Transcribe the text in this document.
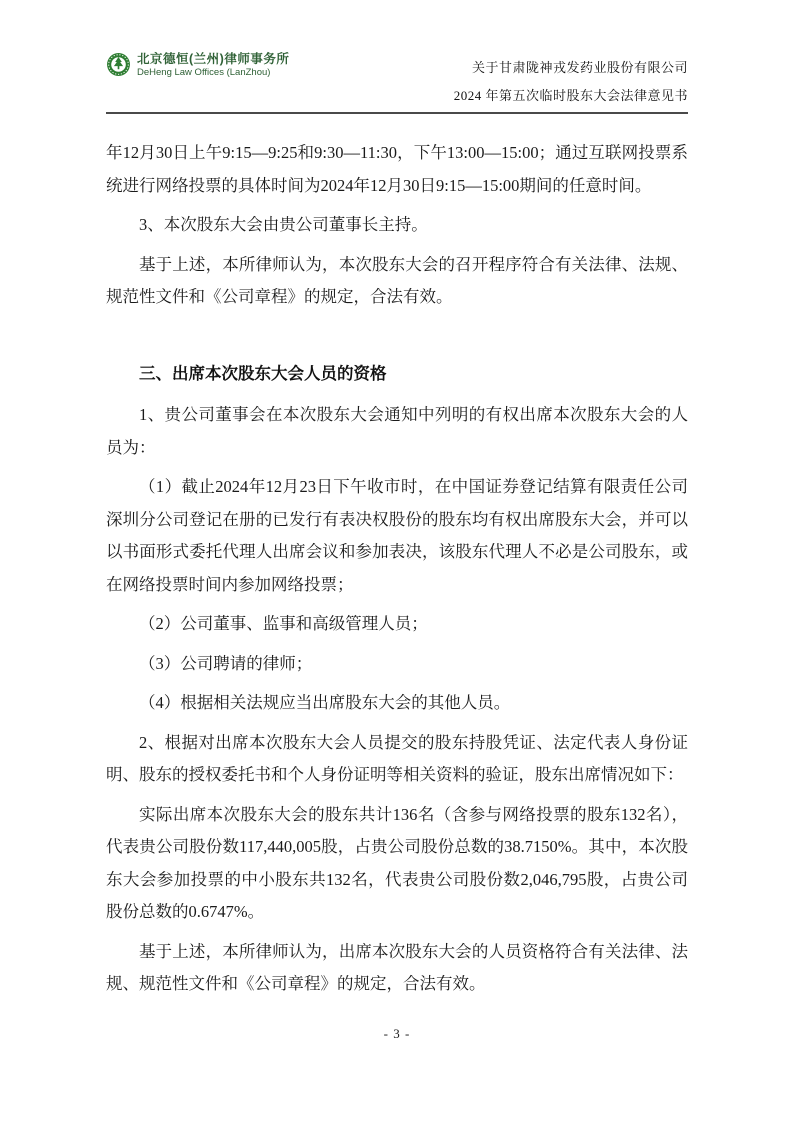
北京德恒(兰州)律师事务所
DeHeng Law Offices (LanZhou)	关于甘肃陇神戎发药业股份有限公司
2024 年第五次临时股东大会法律意见书

年12月30日上午9:15—9:25和9:30—11:30，下午13:00—15:00；通过互联网投票系统进行网络投票的具体时间为2024年12月30日9:15—15:00期间的任意时间。

3、本次股东大会由贵公司董事长主持。

基于上述，本所律师认为，本次股东大会的召开程序符合有关法律、法规、规范性文件和《公司章程》的规定，合法有效。

三、出席本次股东大会人员的资格

1、贵公司董事会在本次股东大会通知中列明的有权出席本次股东大会的人员为：

（1）截止2024年12月23日下午收市时，在中国证券登记结算有限责任公司深圳分公司登记在册的已发行有表决权股份的股东均有权出席股东大会，并可以以书面形式委托代理人出席会议和参加表决，该股东代理人不必是公司股东，或在网络投票时间内参加网络投票；

（2）公司董事、监事和高级管理人员；

（3）公司聘请的律师；

（4）根据相关法规应当出席股东大会的其他人员。

2、根据对出席本次股东大会人员提交的股东持股凭证、法定代表人身份证明、股东的授权委托书和个人身份证明等相关资料的验证，股东出席情况如下：

实际出席本次股东大会的股东共计136名（含参与网络投票的股东132名），代表贵公司股份数117,440,005股，占贵公司股份总数的38.7150%。其中，本次股东大会参加投票的中小股东共132名，代表贵公司股份数2,046,795股，占贵公司股份总数的0.6747%。

基于上述，本所律师认为，出席本次股东大会的人员资格符合有关法律、法规、规范性文件和《公司章程》的规定，合法有效。

- 3 -
